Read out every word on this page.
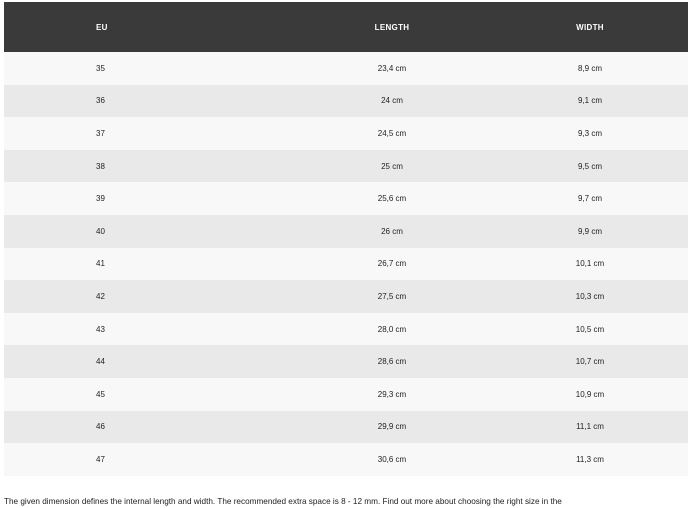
EU	LENGTH	WIDTH
35	23,4 cm	8,9 cm
36	24 cm	9,1 cm
37	24,5 cm	9,3 cm
38	25 cm	9,5 cm
39	25,6 cm	9,7 cm
40	26 cm	9,9 cm
41	26,7 cm	10,1 cm
42	27,5 cm	10,3 cm
43	28,0 cm	10,5 cm
44	28,6 cm	10,7 cm
45	29,3 cm	10,9 cm
46	29,9 cm	11,1 cm
47	30,6 cm	11,3 cm

The given dimension defines the internal length and width. The recommended extra space is 8 - 12 mm. Find out more about choosing the right size in the
